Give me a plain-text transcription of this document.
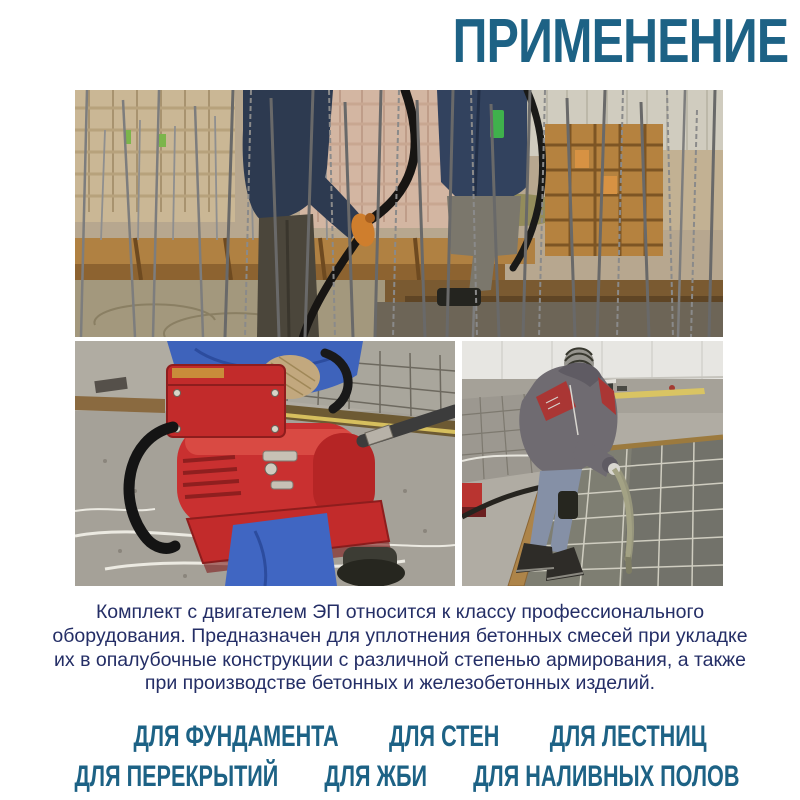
ПРИМЕНЕНИЕ
Комплект с двигателем ЭП относится к классу профессионального
оборудования. Предназначен для уплотнения бетонных смесей при укладке
их в опалубочные конструкции с различной степенью армирования, а также
при производстве бетонных и железобетонных изделий.
ДЛЯ ФУНДАМЕНТА ДЛЯ СТЕН ДЛЯ ЛЕСТНИЦ
ДЛЯ ПЕРЕКРЫТИЙ ДЛЯ ЖБИ ДЛЯ НАЛИВНЫХ ПОЛОВ
